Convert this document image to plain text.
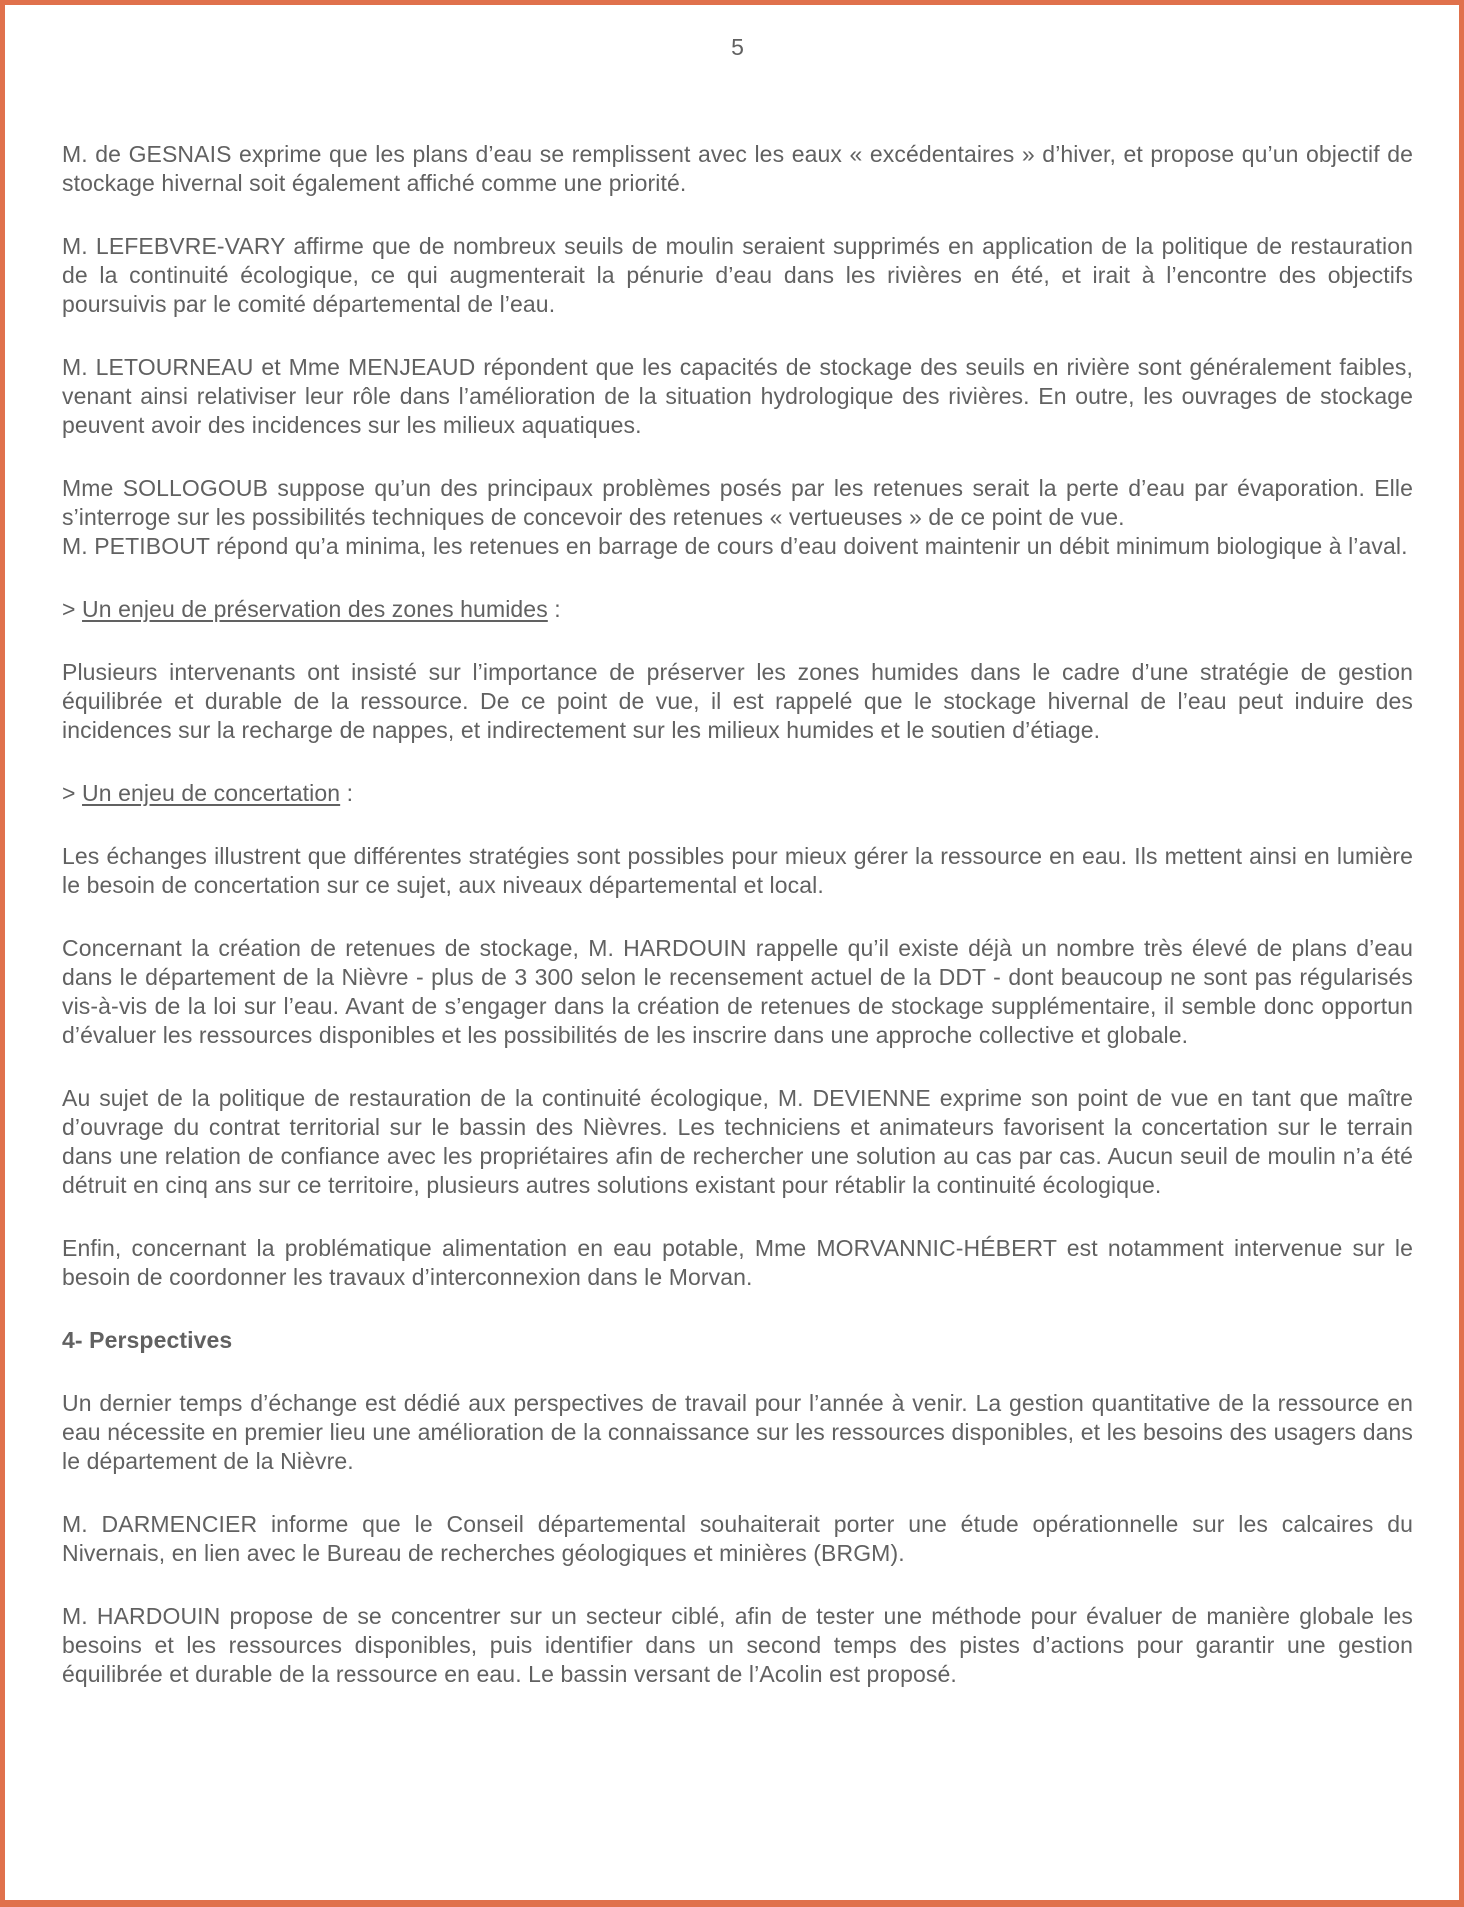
5

M. de GESNAIS exprime que les plans d’eau se remplissent avec les eaux « excédentaires » d’hiver, et propose qu’un objectif de stockage hivernal soit également affiché comme une priorité.

M. LEFEBVRE-VARY affirme que de nombreux seuils de moulin seraient supprimés en application de la politique de restauration de la continuité écologique, ce qui augmenterait la pénurie d’eau dans les rivières en été, et irait à l’encontre des objectifs poursuivis par le comité départemental de l’eau.

M. LETOURNEAU et Mme MENJEAUD répondent que les capacités de stockage des seuils en rivière sont généralement faibles, venant ainsi relativiser leur rôle dans l’amélioration de la situation hydrologique des rivières. En outre, les ouvrages de stockage peuvent avoir des incidences sur les milieux aquatiques.

Mme SOLLOGOUB suppose qu’un des principaux problèmes posés par les retenues serait la perte d’eau par évaporation. Elle s’interroge sur les possibilités techniques de concevoir des retenues « vertueuses » de ce point de vue.

M. PETIBOUT répond qu’a minima, les retenues en barrage de cours d’eau doivent maintenir un débit minimum biologique à l’aval.

> Un enjeu de préservation des zones humides :

Plusieurs intervenants ont insisté sur l’importance de préserver les zones humides dans le cadre d’une stratégie de gestion équilibrée et durable de la ressource. De ce point de vue, il est rappelé que le stockage hivernal de l’eau peut induire des incidences sur la recharge de nappes, et indirectement sur les milieux humides et le soutien d’étiage.

> Un enjeu de concertation :

Les échanges illustrent que différentes stratégies sont possibles pour mieux gérer la ressource en eau. Ils mettent ainsi en lumière le besoin de concertation sur ce sujet, aux niveaux départemental et local.

Concernant la création de retenues de stockage, M. HARDOUIN rappelle qu’il existe déjà un nombre très élevé de plans d’eau dans le département de la Nièvre - plus de 3 300 selon le recensement actuel de la DDT - dont beaucoup ne sont pas régularisés vis-à-vis de la loi sur l’eau. Avant de s’engager dans la création de retenues de stockage supplémentaire, il semble donc opportun d’évaluer les ressources disponibles et les possibilités de les inscrire dans une approche collective et globale.

Au sujet de la politique de restauration de la continuité écologique, M. DEVIENNE exprime son point de vue en tant que maître d’ouvrage du contrat territorial sur le bassin des Nièvres. Les techniciens et animateurs favorisent la concertation sur le terrain dans une relation de confiance avec les propriétaires afin de rechercher une solution au cas par cas. Aucun seuil de moulin n’a été détruit en cinq ans sur ce territoire, plusieurs autres solutions existant pour rétablir la continuité écologique.

Enfin, concernant la problématique alimentation en eau potable, Mme MORVANNIC-HÉBERT est notamment intervenue sur le besoin de coordonner les travaux d’interconnexion dans le Morvan.

4- Perspectives

Un dernier temps d’échange est dédié aux perspectives de travail pour l’année à venir. La gestion quantitative de la ressource en eau nécessite en premier lieu une amélioration de la connaissance sur les ressources disponibles, et les besoins des usagers dans le département de la Nièvre.

M. DARMENCIER informe que le Conseil départemental souhaiterait porter une étude opérationnelle sur les calcaires du Nivernais, en lien avec le Bureau de recherches géologiques et minières (BRGM).

M. HARDOUIN propose de se concentrer sur un secteur ciblé, afin de tester une méthode pour évaluer de manière globale les besoins et les ressources disponibles, puis identifier dans un second temps des pistes d’actions pour garantir une gestion équilibrée et durable de la ressource en eau. Le bassin versant de l’Acolin est proposé.
